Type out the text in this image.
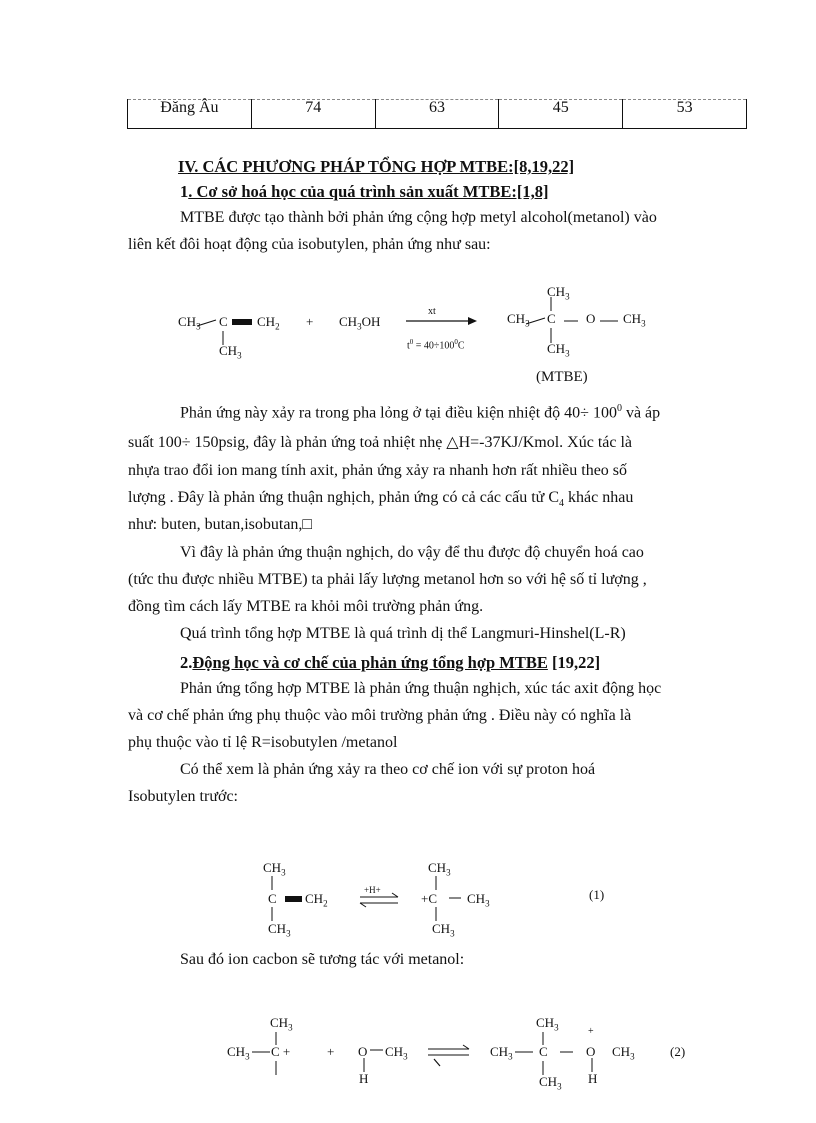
Đăng Âu	74	63	45	53
IV. CÁC PHƯƠNG PHÁP TỔNG HỢP MTBE:[8,19,22]
1. Cơ sở hoá học của quá trình sản xuất MTBE:[1,8]
MTBE được tạo thành bởi phản ứng cộng hợp metyl alcohol(metanol) vào
liên kết đôi hoạt động của isobutylen, phản ứng như sau:
$CH_3$ C $CH_2$
$CH_3$
+ $CH_3OH$
xt
$t^0 = 40\div 100^0C$
$CH_3$
$CH_3$ C O $CH_3$
$CH_3$
(MTBE)
Phản ứng này xảy ra trong pha lỏng ở tại điều kiện nhiệt độ $40\div 100^0$ và áp
suất 100÷ 150psig, đây là phản ứng toả nhiệt nhẹ △H=-37KJ/Kmol. Xúc tác là
nhựa trao đổi ion mang tính axit, phản ứng xảy ra nhanh hơn rất nhiều theo số
lượng . Đây là phản ứng thuận nghịch, phản ứng có cả các cấu tử $C_4$ khác nhau
như: buten, butan,isobutan,□
Vì đây là phản ứng thuận nghịch, do vậy để thu được độ chuyển hoá cao
(tức thu được nhiều MTBE) ta phải lấy lượng metanol hơn so với hệ số tỉ lượng ,
đồng tìm cách lấy MTBE ra khỏi môi trường phản ứng.
Quá trình tổng hợp MTBE là quá trình dị thể Langmuri-Hinshel(L-R)
2.Động học và cơ chế của phản ứng tổng hợp MTBE [19,22]
Phản ứng tổng hợp MTBE là phản ứng thuận nghịch, xúc tác axit động học
và cơ chế phản ứng phụ thuộc vào môi trường phản ứng . Điều này có nghĩa là
phụ thuộc vào tỉ lệ R=isobutylen /metanol
Có thể xem là phản ứng xảy ra theo cơ chế ion với sự proton hoá
Isobutylen trước:
$CH_3$
C $CH_2$
$CH_3$
+H+
$CH_3$
+C $CH_3$
$CH_3$
(1)
Sau đó ion cacbon sẽ tương tác với metanol:
$CH_3$
$CH_3$ C +	+ O $CH_3$
H
$CH_3$
$CH_3$ C
+
O $CH_3$
$CH_3$
H
(2)
